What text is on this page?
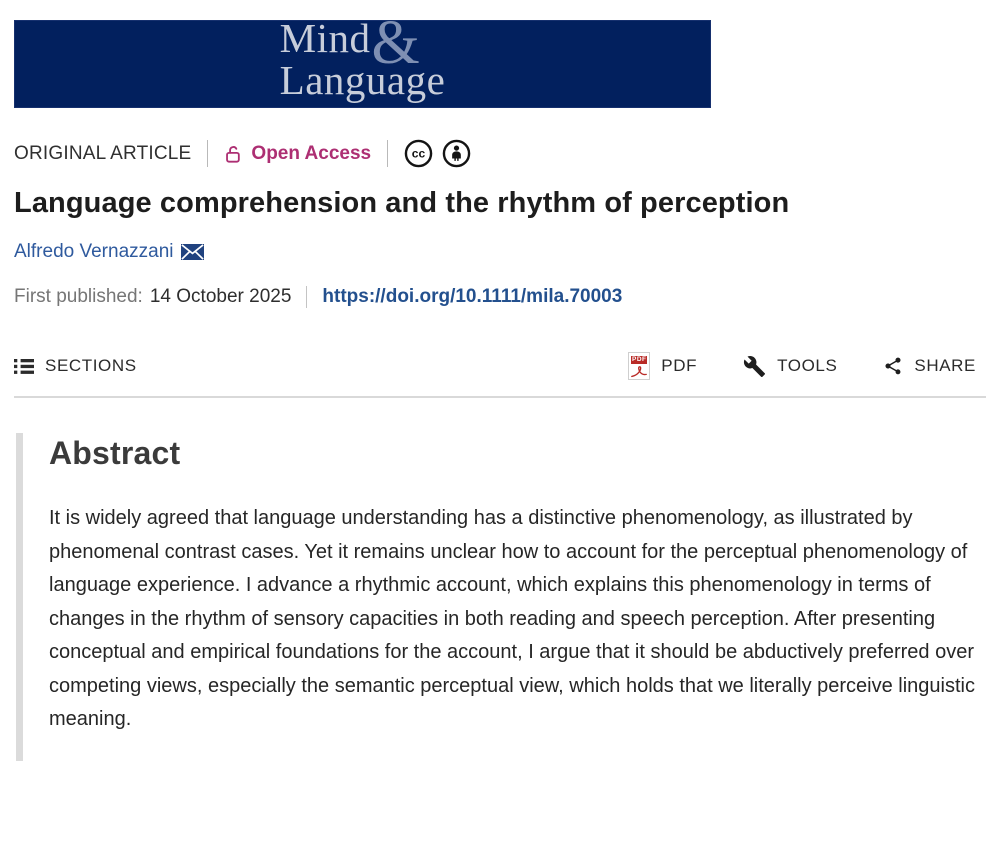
Mind &
Language
ORIGINAL ARTICLE	Open Access	cc
Language comprehension and the rhythm of perception
Alfredo Vernazzani
First published: 14 October 2025 https://doi.org/10.1111/mila.70003
SECTIONS	PDF PDF	TOOLS	SHARE
Abstract

It is widely agreed that language understanding has a distinctive phenomenology, as illustrated by phenomenal contrast cases. Yet it remains unclear how to account for the perceptual phenomenology of language experience. I advance a rhythmic account, which explains this phenomenology in terms of changes in the rhythm of sensory capacities in both reading and speech perception. After presenting conceptual and empirical foundations for the account, I argue that it should be abductively preferred over competing views, especially the semantic perceptual view, which holds that we literally perceive linguistic meaning.
